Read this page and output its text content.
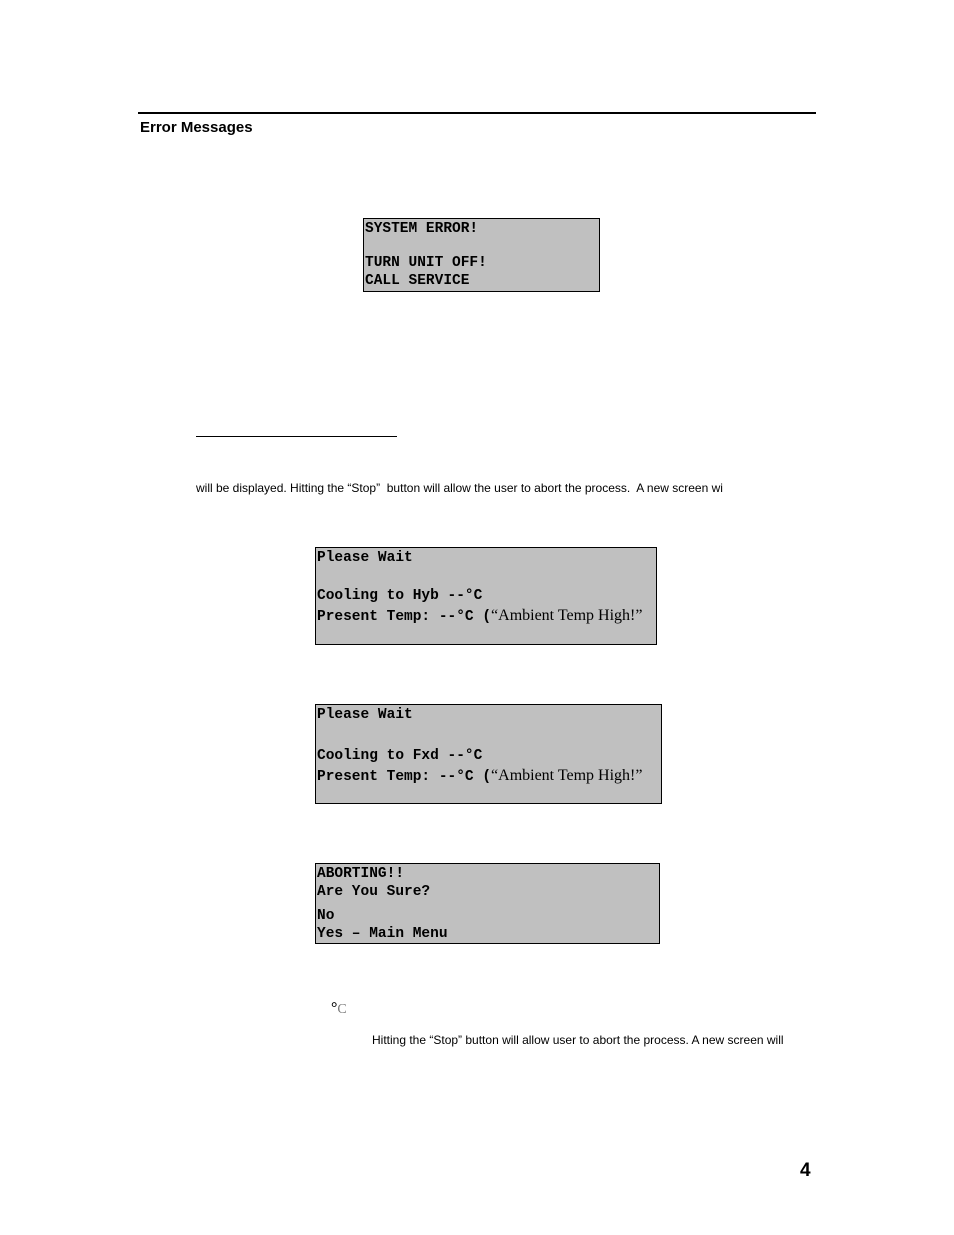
Error Messages
SYSTEM ERROR!
TURN UNIT OFF!
CALL SERVICE
will be displayed. Hitting the “Stop”  button will allow the user to abort the process.  A new screen wi
Please Wait
Cooling to Hyb --°C
Present Temp: --°C (“Ambient Temp High!”
Please Wait
Cooling to Fxd --°C
Present Temp: --°C (“Ambient Temp High!”
ABORTING!!
Are You Sure?
No
Yes – Main Menu
°C
Hitting the “Stop” button will allow user to abort the process. A new screen will
4
